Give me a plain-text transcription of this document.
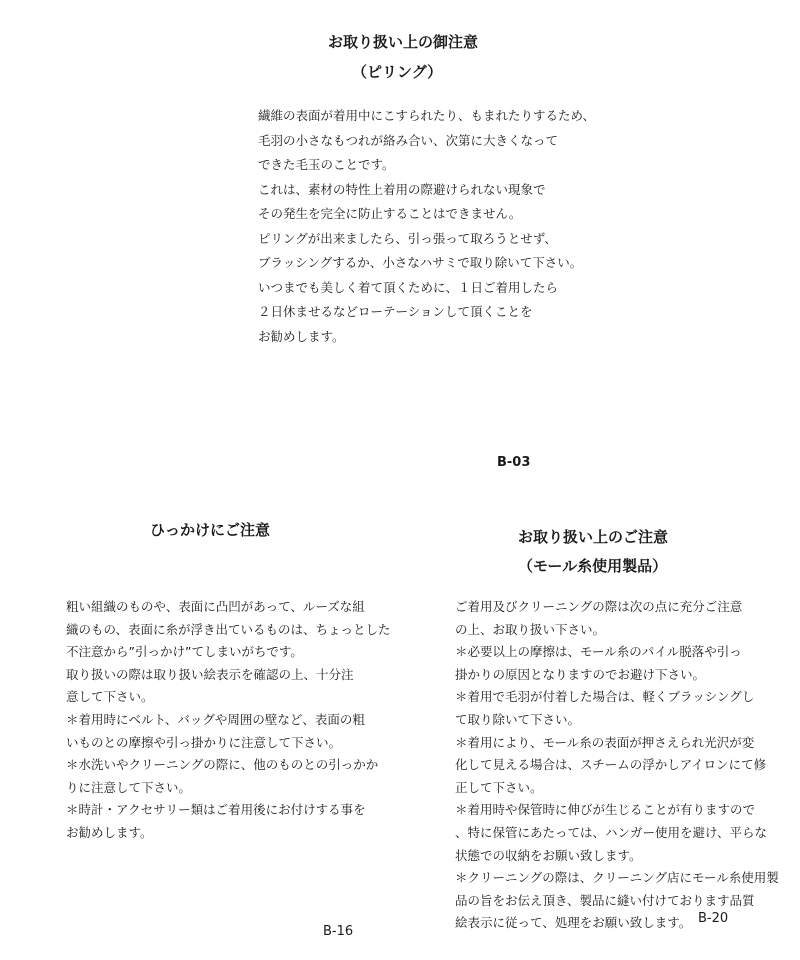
お取り扱い上の御注意
（ピリング）
繊維の表面が着用中にこすられたり、もまれたりするため、
毛羽の小さなもつれが絡み合い、次第に大きくなって
できた毛玉のことです。
これは、素材の特性上着用の際避けられない現象で
その発生を完全に防止することはできません。
ピリングが出来ましたら、引っ張って取ろうとせず、
ブラッシングするか、小さなハサミで取り除いて下さい。
いつまでも美しく着て頂くために、１日ご着用したら
２日休ませるなどローテーションして頂くことを
お勧めします。
B-03
ひっかけにご注意
粗い組織のものや、表面に凸凹があって、ルーズな組
織のもの、表面に糸が浮き出ているものは、ちょっとした
不注意から”引っかけ”てしまいがちです。
取り扱いの際は取り扱い絵表示を確認の上、十分注
意して下さい。
＊着用時にベルト、バッグや周囲の壁など、表面の粗
いものとの摩擦や引っ掛かりに注意して下さい。
＊水洗いやクリーニングの際に、他のものとの引っかか
りに注意して下さい。
＊時計・アクセサリー類はご着用後にお付けする事を
お勧めします。
B-16
お取り扱い上のご注意
（モール糸使用製品）
ご着用及びクリーニングの際は次の点に充分ご注意
の上、お取り扱い下さい。
＊必要以上の摩擦は、モール糸のパイル脱落や引っ
掛かりの原因となりますのでお避け下さい。
＊着用で毛羽が付着した場合は、軽くブラッシングし
て取り除いて下さい。
＊着用により、モール糸の表面が押さえられ光沢が変
化して見える場合は、スチームの浮かしアイロンにて修
正して下さい。
＊着用時や保管時に伸びが生じることが有りますので
、特に保管にあたっては、ハンガー使用を避け、平らな
状態での収納をお願い致します。
＊クリーニングの際は、クリーニング店にモール糸使用製
品の旨をお伝え頂き、製品に縫い付けております品質
絵表示に従って、処理をお願い致します。 B-20
